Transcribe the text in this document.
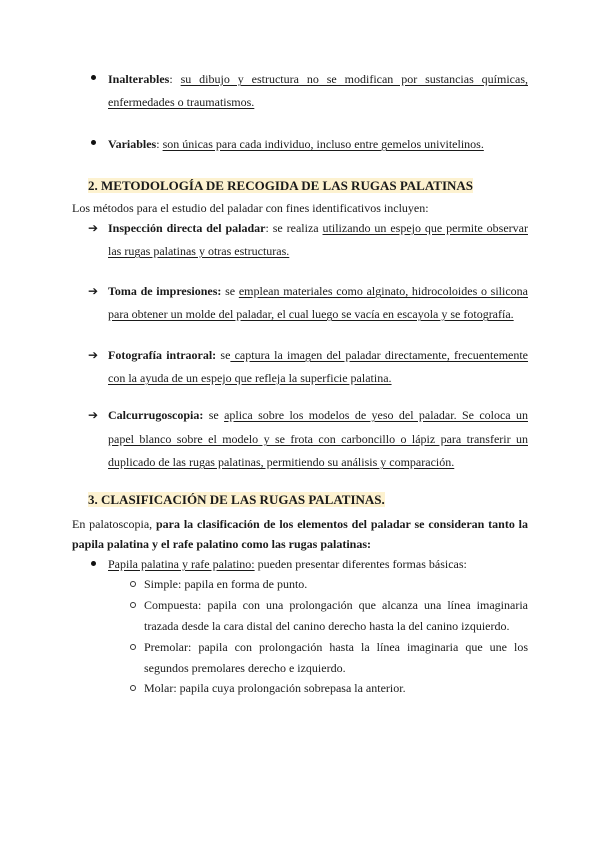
Inalterables: su dibujo y estructura no se modifican por sustancias químicas,
enfermedades o traumatismos.
Variables: son únicas para cada individuo, incluso entre gemelos univitelinos.
2. METODOLOGÍA DE RECOGIDA DE LAS RUGAS PALATINAS
Los métodos para el estudio del paladar con fines identificativos incluyen:
➔ Inspección directa del paladar: se realiza utilizando un espejo que permite observar
las rugas palatinas y otras estructuras.
➔ Toma de impresiones: se emplean materiales como alginato, hidrocoloides o silicona
para obtener un molde del paladar, el cual luego se vacía en escayola y se fotografía.
➔ Fotografía intraoral: se captura la imagen del paladar directamente, frecuentemente
con la ayuda de un espejo que refleja la superficie palatina.
➔ Calcurrugoscopia: se aplica sobre los modelos de yeso del paladar. Se coloca un
papel blanco sobre el modelo y se frota con carboncillo o lápiz para transferir un
duplicado de las rugas palatinas, permitiendo su análisis y comparación.
3. CLASIFICACIÓN DE LAS RUGAS PALATINAS.
En palatoscopia, para la clasificación de los elementos del paladar se consideran tanto la
papila palatina y el rafe palatino como las rugas palatinas:
Papila palatina y rafe palatino: pueden presentar diferentes formas básicas:
Simple: papila en forma de punto.
Compuesta: papila con una prolongación que alcanza una línea imaginaria
trazada desde la cara distal del canino derecho hasta la del canino izquierdo.
Premolar: papila con prolongación hasta la línea imaginaria que une los
segundos premolares derecho e izquierdo.
Molar: papila cuya prolongación sobrepasa la anterior.
